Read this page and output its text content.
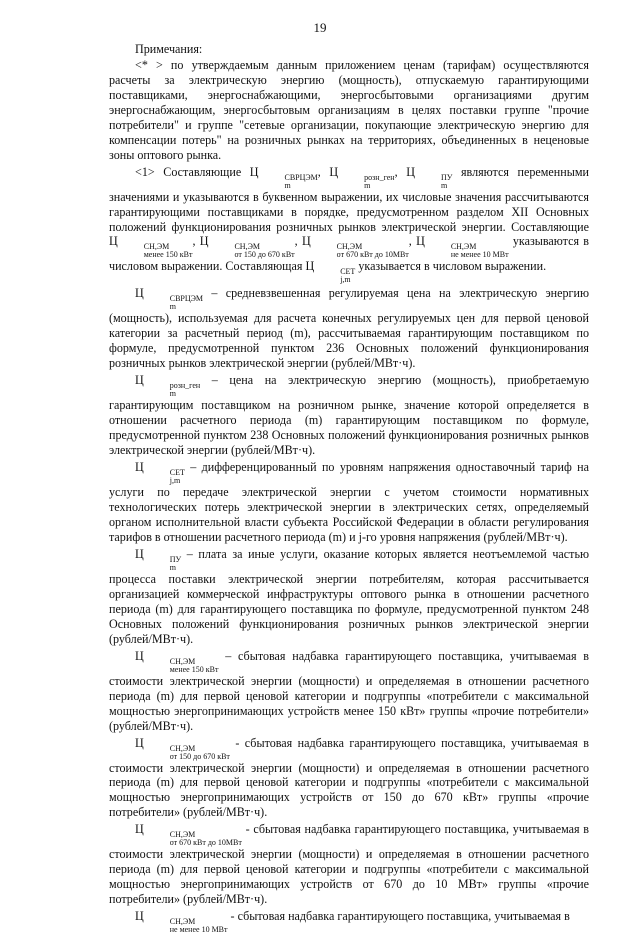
19

Примечания:

<* > по утверждаемым данным приложением ценам (тарифам) осуществляются расчеты за электрическую энергию (мощность), отпускаемую гарантирующими поставщиками, энергоснабжающими, энергосбытовыми организациями другим энергоснабжающим, энергосбытовым организациям в целях поставки группе "прочие потребители" и группе "сетевые организации, покупающие электрическую энергию для компенсации потерь" на розничных рынках на территориях, объединенных в неценовые зоны оптового рынка.

<1> Составляющие Ц	СВРЦЭМ
m
, Ц	розн_ген
m
, Ц	ПУ
m
являются переменными значениями и указываются в буквенном выражении, их числовые значения рассчитываются гарантирующими поставщиками в порядке, предусмотренном разделом XII Основных положений функционирования розничных рынков электрической энергии. Составляющие Ц	СН,ЭМ
менее 150 кВт
, Ц	СН,ЭМ
от 150 до 670 кВт
, Ц	СН,ЭМ
от 670 кВт до 10МВт
, Ц	СН,ЭМ
не менее 10 МВт
указываются в числовом выражении. Составляющая Ц	СЕТ
j,m
указывается в числовом выражении.

Ц	СВРЦЭМ
m
– средневзвешенная регулируемая цена на электрическую энергию (мощность), используемая для расчета конечных регулируемых цен для первой ценовой категории за расчетный период (m), рассчитываемая гарантирующим поставщиком по формуле, предусмотренной пунктом 236 Основных положений функционирования розничных рынков электрической энергии (рублей/МВт·ч).

Ц	розн_ген
m
– цена на электрическую энергию (мощность), приобретаемую гарантирующим поставщиком на розничном рынке, значение которой определяется в отношении расчетного периода (m) гарантирующим поставщиком по формуле, предусмотренной пунктом 238 Основных положений функционирования розничных рынков электрической энергии (рублей/МВт·ч).

Ц	СЕТ
j,m
– дифференцированный по уровням напряжения одноставочный тариф на услуги по передаче электрической энергии с учетом стоимости нормативных технологических потерь электрической энергии в электрических сетях, определяемый органом исполнительной власти субъекта Российской Федерации в области регулирования тарифов в отношении расчетного периода (m) и j-го уровня напряжения (рублей/МВт·ч).

Ц	ПУ
m
– плата за иные услуги, оказание которых является неотъемлемой частью процесса поставки электрической энергии потребителям, которая рассчитывается организацией коммерческой инфраструктуры оптового рынка в отношении расчетного периода (m) для гарантирующего поставщика по формуле, предусмотренной пунктом 248 Основных положений функционирования розничных рынков электрической энергии (рублей/МВт·ч).

Ц	СН,ЭМ
менее 150 кВт
– сбытовая надбавка гарантирующего поставщика, учитываемая в стоимости электрической энергии (мощности) и определяемая в отношении расчетного периода (m) для первой ценовой категории и подгруппы «потребители с максимальной мощностью энергопринимающих устройств менее 150 кВт» группы «прочие потребители» (рублей/МВт·ч).

Ц	СН,ЭМ
от 150 до 670 кВт
- сбытовая надбавка гарантирующего поставщика, учитываемая в стоимости электрической энергии (мощности) и определяемая в отношении расчетного периода (m) для первой ценовой категории и подгруппы «потребители с максимальной мощностью энергопринимающих устройств от 150 до 670 кВт» группы «прочие потребители» (рублей/МВт·ч).

Ц	СН,ЭМ
от 670 кВт до 10МВт
- сбытовая надбавка гарантирующего поставщика, учитываемая в стоимости электрической энергии (мощности) и определяемая в отношении расчетного периода (m) для первой ценовой категории и подгруппы «потребители с максимальной мощностью энергопринимающих устройств от 670 до 10 МВт» группы «прочие потребители» (рублей/МВт·ч).

Ц	СН,ЭМ
не менее 10 МВт
- сбытовая надбавка гарантирующего поставщика, учитываемая в
